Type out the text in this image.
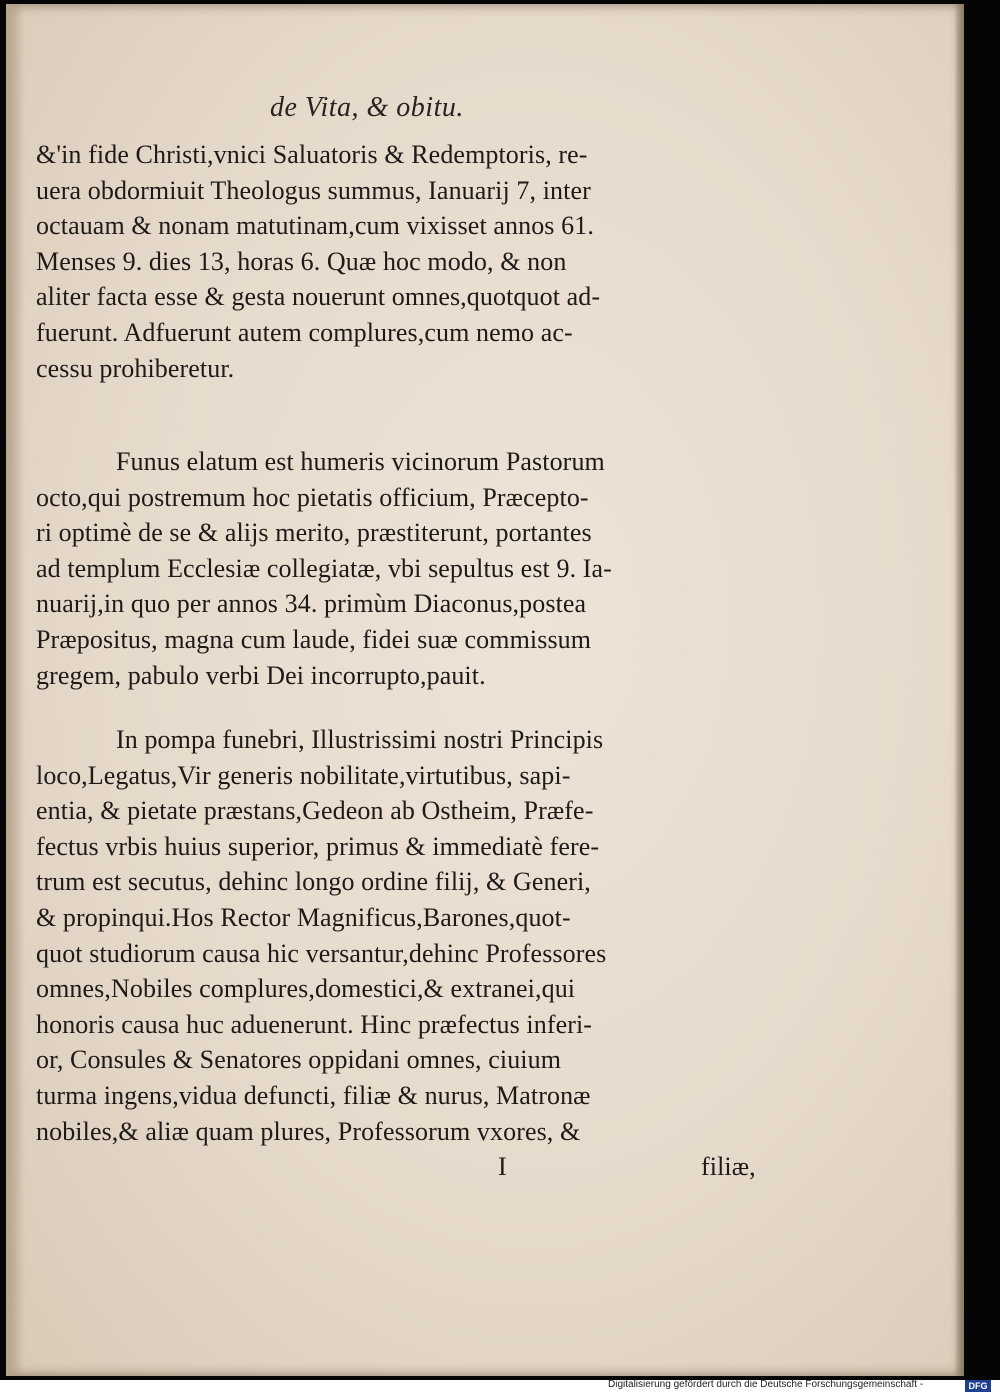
de Vita, & obitu.

&'in fide Christi,vnici Saluatoris & Redemptoris, re-
uera obdormiuit Theologus summus, Ianuarij 7, inter
octauam & nonam matutinam,cum vixisset annos 61.
Menses 9. dies 13, horas 6. Quæ hoc modo, & non
aliter facta esse & gesta nouerunt omnes,quotquot ad-
fuerunt. Adfuerunt autem complures,cum nemo ac-
cessu prohiberetur.
Funus elatum est humeris vicinorum Pastorum
octo,qui postremum hoc pietatis officium, Præcepto-
ri optimè de se & alijs merito, præstiterunt, portantes
ad templum Ecclesiæ collegiatæ, vbi sepultus est 9. Ia-
nuarij,in quo per annos 34. primùm Diaconus,postea
Præpositus, magna cum laude, fidei suæ commissum
gregem, pabulo verbi Dei incorrupto,pauit.
In pompa funebri, Illustrissimi nostri Principis
loco,Legatus,Vir generis nobilitate,virtutibus, sapi-
entia, & pietate præstans,Gedeon ab Ostheim, Præfe-
fectus vrbis huius superior, primus & immediatè fere-
trum est secutus, dehinc longo ordine filij, & Generi,
& propinqui.Hos Rector Magnificus,Barones,quot-
quot studiorum causa hic versantur,dehinc Professores
omnes,Nobiles complures,domestici,& extranei,qui
honoris causa huc aduenerunt. Hinc præfectus inferi-
or, Consules & Senatores oppidani omnes, ciuium
turma ingens,vidua defuncti, filiæ & nurus, Matronæ
nobiles,& aliæ quam plures, Professorum vxores, &
I	filiæ,

Digitalisierung gefördert durch die Deutsche Forschungsgemeinschaft -	DFG
